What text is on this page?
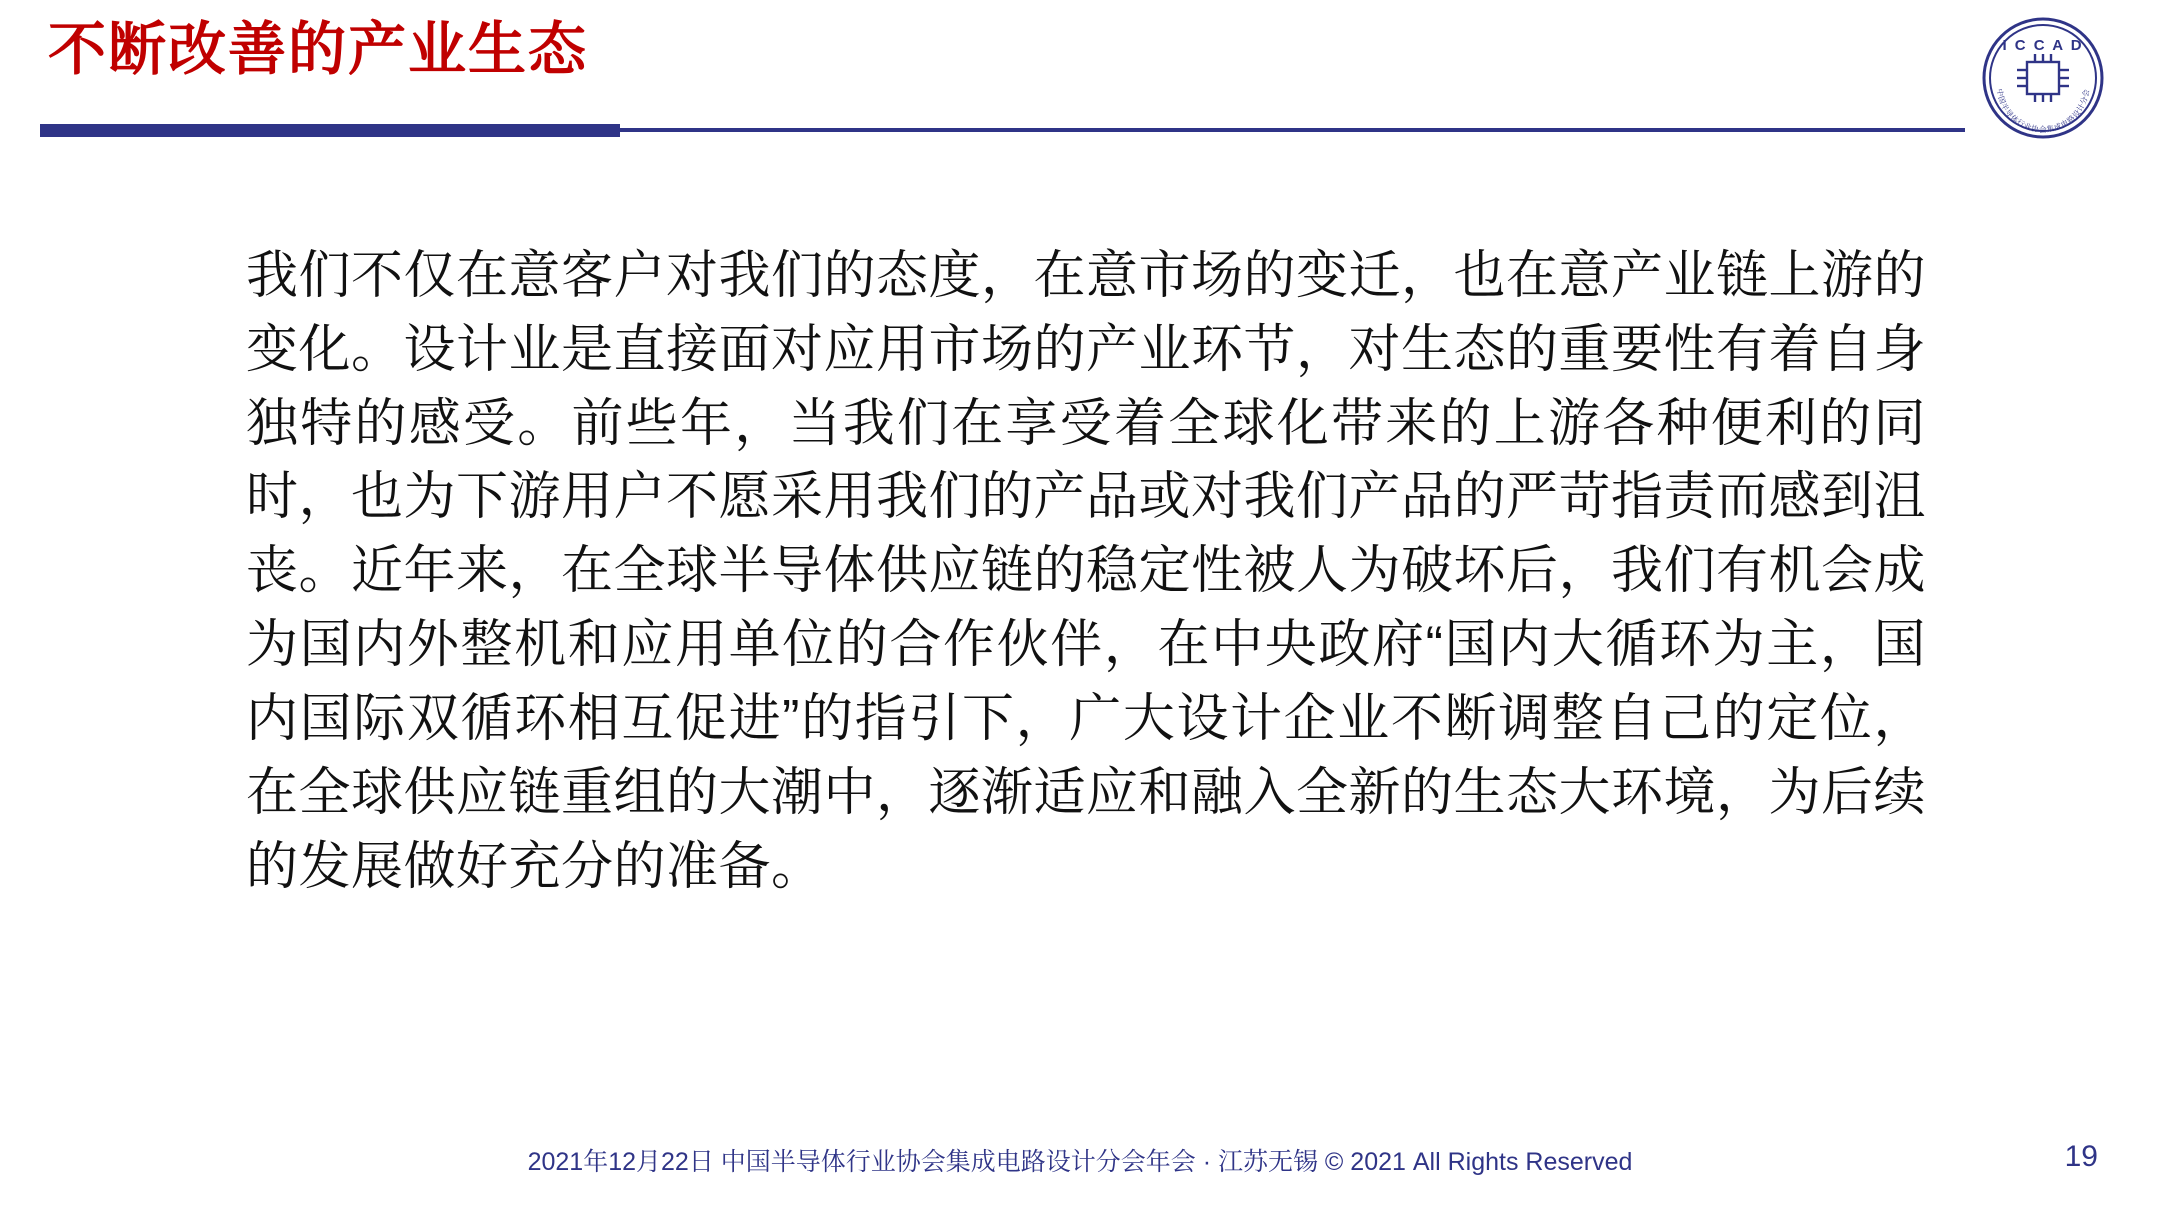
不断改善的产业生态	I C C A D
中国半导体行业协会集成电路设计分会
我们不仅在意客户对我们的态度，在意市场的变迁，也在意产业链上游的变化。设计业是直接面对应用市场的产业环节，对生态的重要性有着自身独特的感受。前些年，当我们在享受着全球化带来的上游各种便利的同时，也为下游用户不愿采用我们的产品或对我们产品的严苛指责而感到沮丧。近年来，在全球半导体供应链的稳定性被人为破坏后，我们有机会成为国内外整机和应用单位的合作伙伴，在中央政府“国内大循环为主，国内国际双循环相互促进”的指引下，广大设计企业不断调整自己的定位，在全球供应链重组的大潮中，逐渐适应和融入全新的生态大环境，为后续的发展做好充分的准备。
2021年12月22日 中国半导体行业协会集成电路设计分会年会 · 江苏无锡 © 2021 All Rights Reserved	19
